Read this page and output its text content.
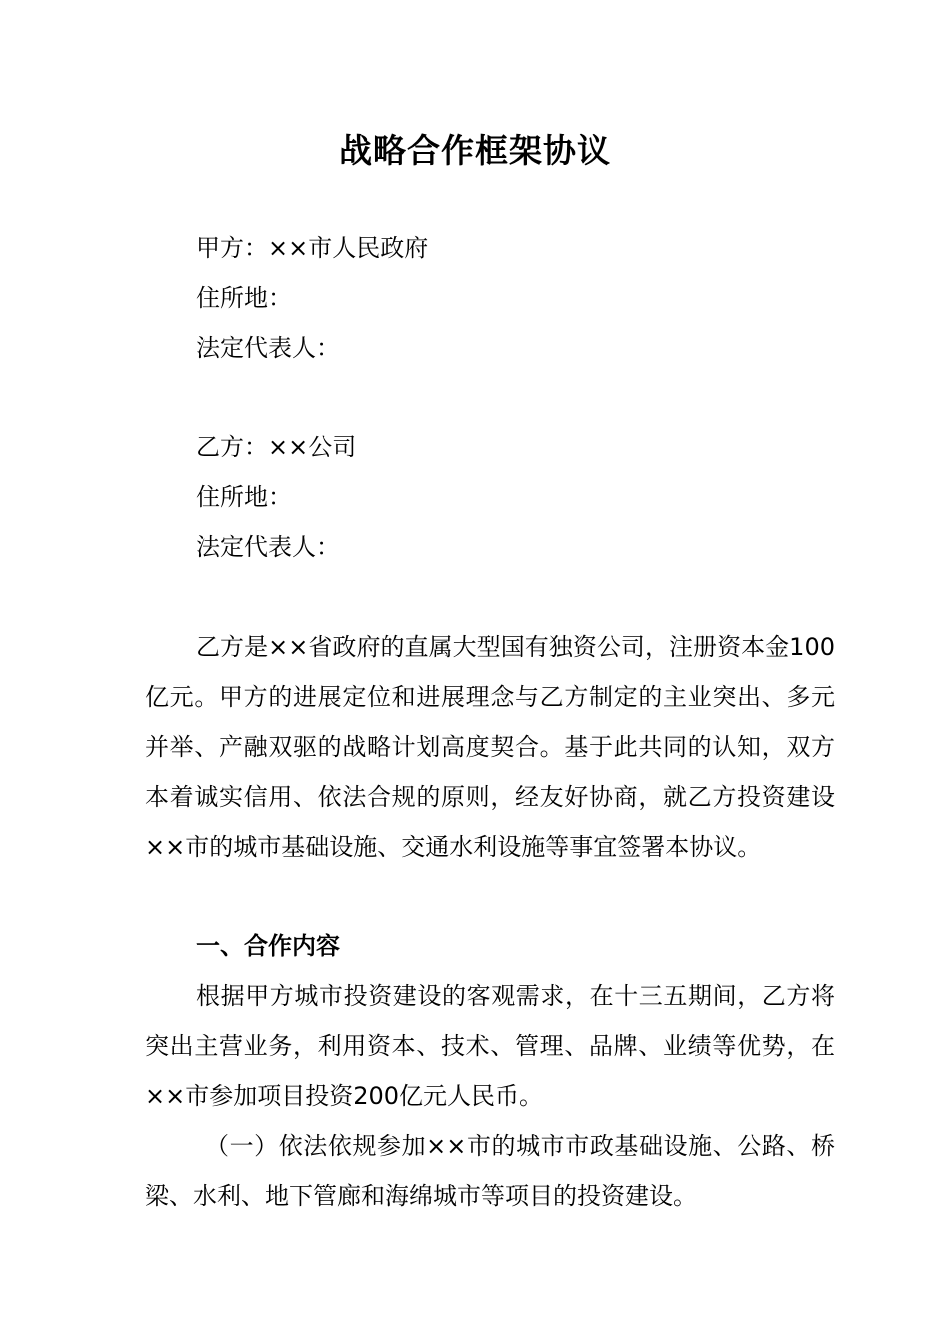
战略合作框架协议
甲方：××市人民政府
住所地：
法定代表人：
乙方：××公司
住所地：
法定代表人：

乙方是××省政府的直属大型国有独资公司，注册资本金100亿元。甲方的进展定位和进展理念与乙方制定的主业突出、多元并举、产融双驱的战略计划高度契合。基于此共同的认知，双方本着诚实信用、依法合规的原则，经友好协商，就乙方投资建设××市的城市基础设施、交通水利设施等事宜签署本协议。

一、合作内容

根据甲方城市投资建设的客观需求，在十三五期间，乙方将突出主营业务，利用资本、技术、管理、品牌、业绩等优势，在××市参加项目投资200亿元人民币。

（一）依法依规参加××市的城市市政基础设施、公路、桥梁、水利、地下管廊和海绵城市等项目的投资建设。
